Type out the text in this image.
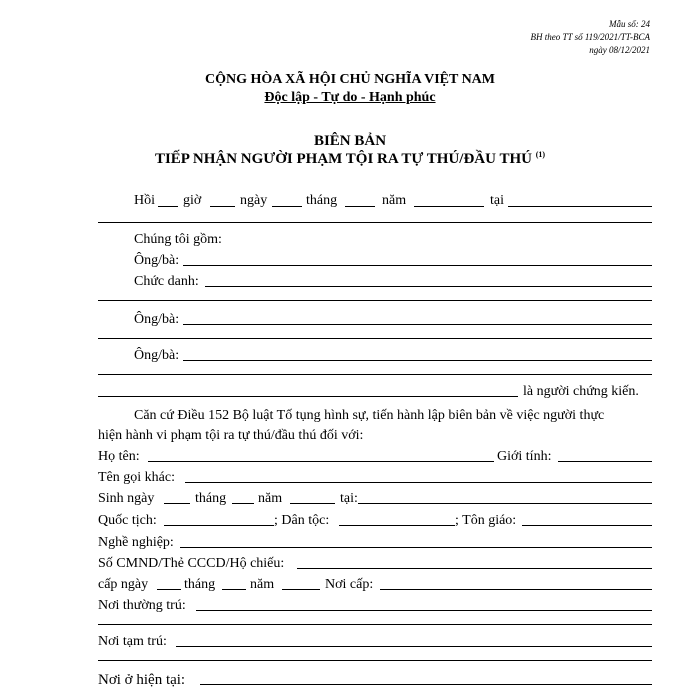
Mẫu số: 24
BH theo TT số 119/2021/TT-BCA
ngày 08/12/2021
CỘNG HÒA XÃ HỘI CHỦ NGHĨA VIỆT NAM
Độc lập - Tự do - Hạnh phúc
BIÊN BẢN
TIẾP NHẬN NGƯỜI PHẠM TỘI RA TỰ THÚ/ĐẦU THÚ $^{(1)}$
Hồi giờ	ngày	tháng	năm	tại
Chúng tôi gồm:
Ông/bà:
Chức danh:
Ông/bà:
Ông/bà:
là người chứng kiến.
Căn cứ Điều 152 Bộ luật Tố tụng hình sự, tiến hành lập biên bản về việc người thực
hiện hành vi phạm tội ra tự thú/đầu thú đối với:
Họ tên:	Giới tính:
Tên gọi khác:
Sinh ngày	tháng năm	tại:
Quốc tịch:	; Dân tộc:	; Tôn giáo:
Nghề nghiệp:
Số CMND/Thẻ CCCD/Hộ chiếu:
cấp ngày	tháng năm	Nơi cấp:
Nơi thường trú:
Nơi tạm trú:
Nơi ở hiện tại:
